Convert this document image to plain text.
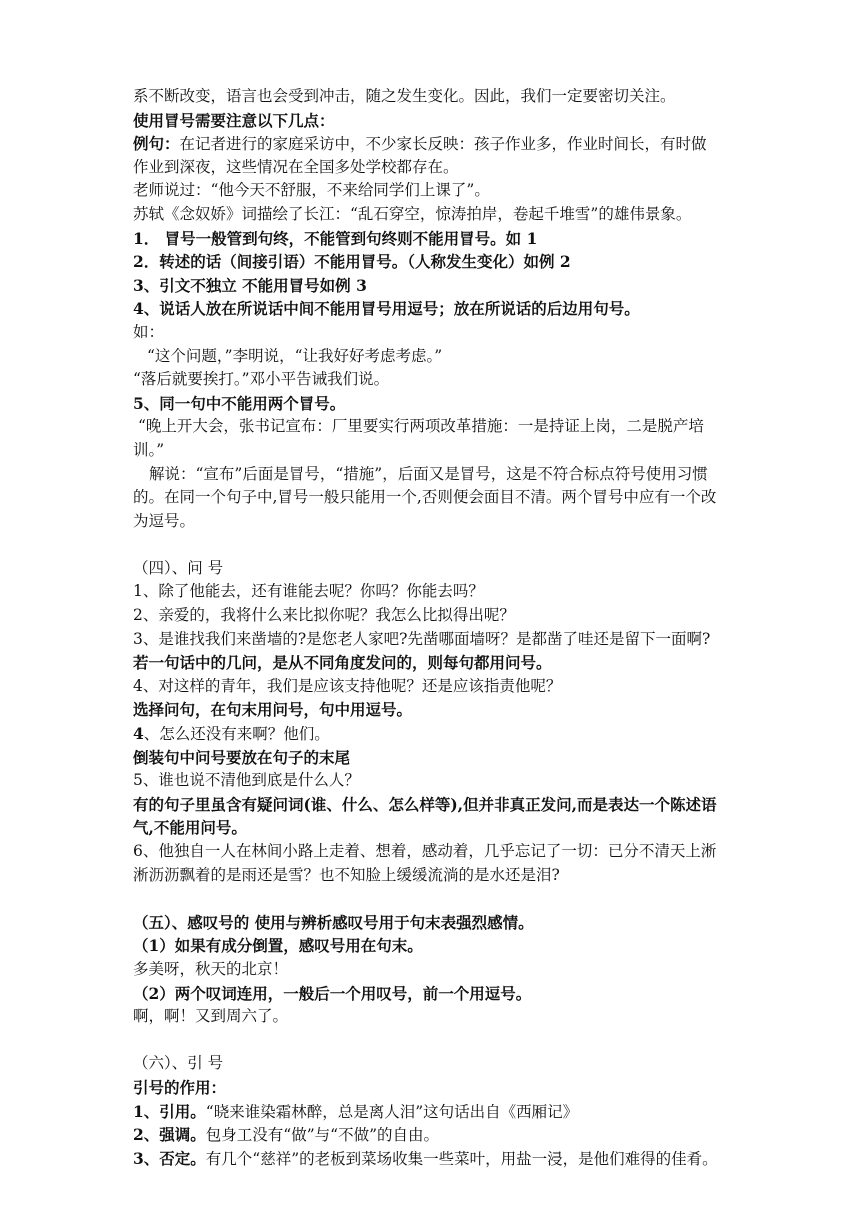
系不断改变，语言也会受到冲击，随之发生变化。因此，我们一定要密切关注。
使用冒号需要注意以下几点：
例句：在记者进行的家庭采访中，不少家长反映：孩子作业多，作业时间长，有时做
作业到深夜，这些情况在全国多处学校都存在。
老师说过：“他今天不舒服，不来给同学们上课了”。
苏轼《念奴娇》词描绘了长江：“乱石穿空，惊涛拍岸，卷起千堆雪”的雄伟景象。
1． 冒号一般管到句终，不能管到句终则不能用冒号。如 1
2．转述的话（间接引语）不能用冒号。（人称发生变化）如例 2
3、引文不独立 不能用冒号如例 3
4、说话人放在所说话中间不能用冒号用逗号；放在所说话的后边用句号。
如：
“这个问题，”李明说，“让我好好考虑考虑。”
“落后就要挨打。”邓小平告诫我们说。
5、同一句中不能用两个冒号。
“晚上开大会，张书记宣布：厂里要实行两项改革措施：一是持证上岗，二是脱产培
训。”
解说：“宣布”后面是冒号，“措施”，后面又是冒号，这是不符合标点符号使用习惯
的。在同一个句子中,冒号一般只能用一个,否则便会面目不清。两个冒号中应有一个改
为逗号。
（四）、问 号
1、除了他能去，还有谁能去呢？你吗？你能去吗？
2、亲爱的，我将什么来比拟你呢？我怎么比拟得出呢？
3、是谁找我们来凿墙的?是您老人家吧?先凿哪面墙呀？是都凿了哇还是留下一面啊?
若一句话中的几问，是从不同角度发问的，则每句都用问号。
4、对这样的青年，我们是应该支持他呢？还是应该指责他呢？
选择问句，在句末用问号，句中用逗号。
4、怎么还没有来啊？他们。
倒装句中问号要放在句子的末尾
5、谁也说不清他到底是什么人？
有的句子里虽含有疑问词(谁、什么、怎么样等),但并非真正发问,而是表达一个陈述语
气,不能用问号。
6、他独自一人在林间小路上走着、想着，感动着，几乎忘记了一切：已分不清天上淅
淅沥沥飘着的是雨还是雪？也不知脸上缓缓流淌的是水还是泪?
（五）、感叹号的 使用与辨析感叹号用于句末表强烈感情。
（1）如果有成分倒置，感叹号用在句末。
多美呀，秋天的北京！
（2）两个叹词连用，一般后一个用叹号，前一个用逗号。
啊，啊！又到周六了。
（六）、引 号
引号的作用：
1、引用。“晓来谁染霜林醉，总是离人泪”这句话出自《西厢记》
2、强调。包身工没有“做”与“不做”的自由。
3、否定。有几个“慈祥”的老板到菜场收集一些菜叶，用盐一浸，是他们难得的佳肴。
